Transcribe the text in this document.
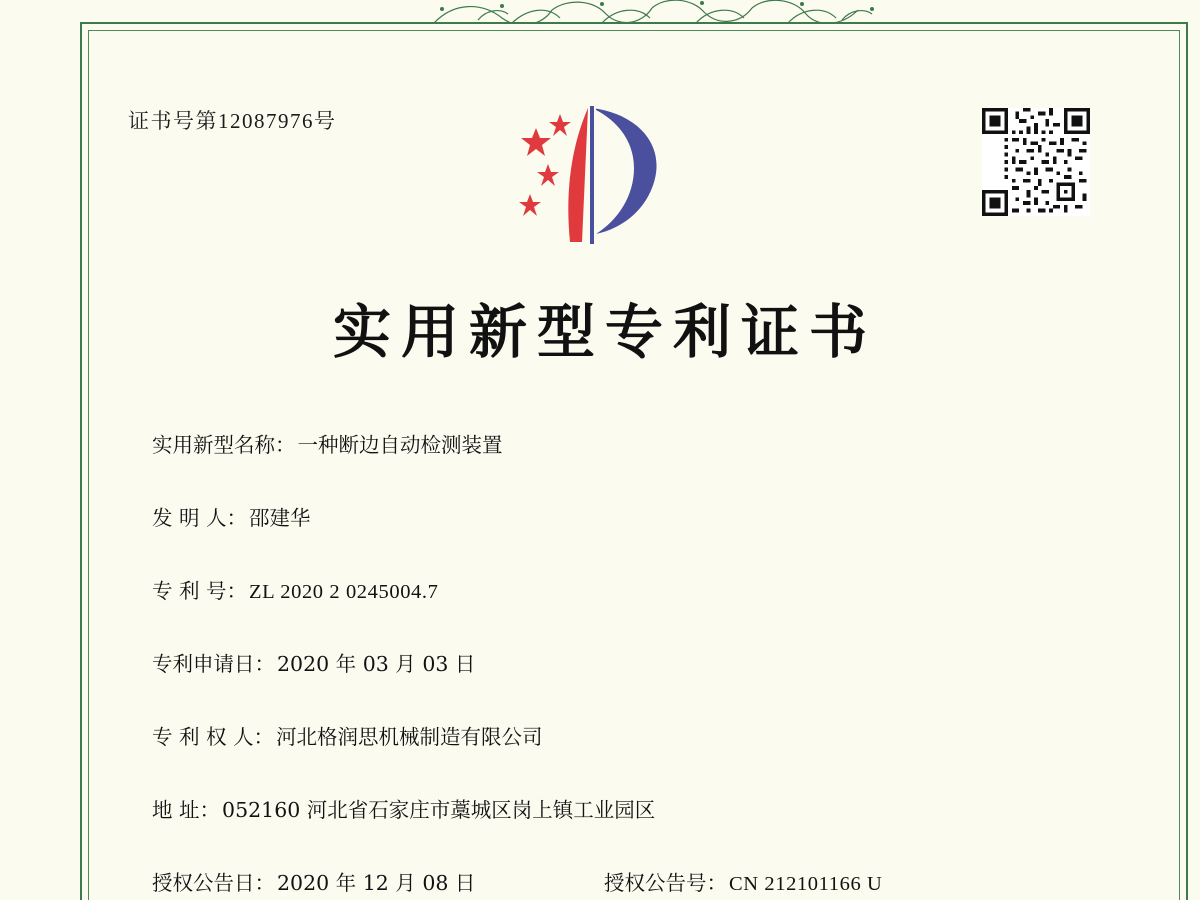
证书号第12087976号
实用新型专利证书
实用新型名称： 一种断边自动检测装置
发 明 人： 邵建华
专 利 号： ZL 2020 2 0245004.7
专利申请日： 2020 年 03 月 03 日
专 利 权 人： 河北格润思机械制造有限公司
地 址： 052160 河北省石家庄市藁城区岗上镇工业园区
授权公告日： 2020 年 12 月 08 日	授权公告号： CN 212101166 U
